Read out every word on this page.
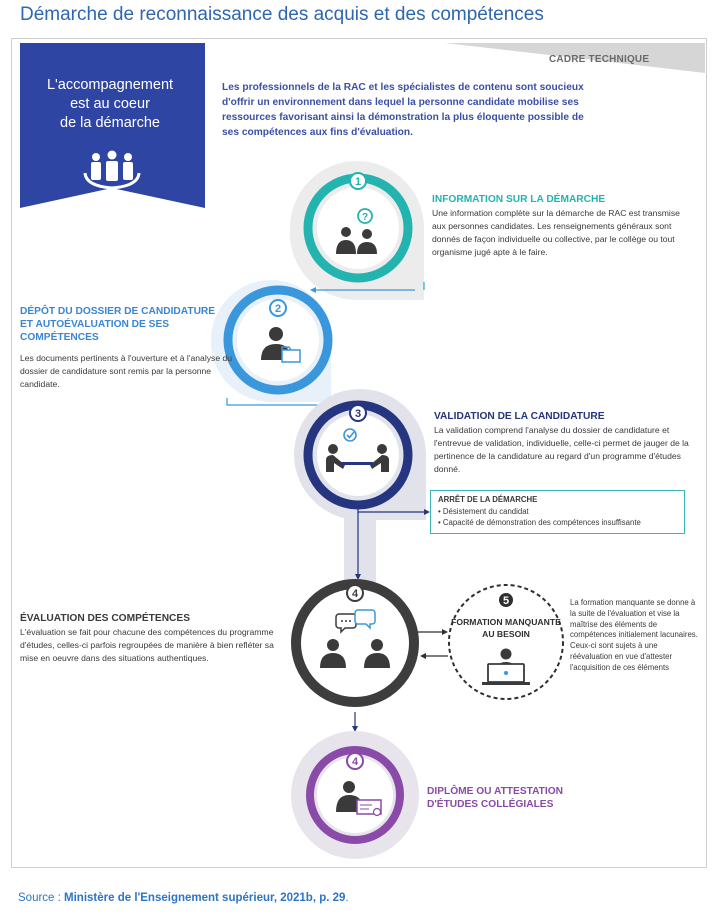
Démarche de reconnaissance des acquis et des compétences
1
?
2
3
4
5
4
CADRE TECHNIQUE
L'accompagnement
est au coeur
de la démarche
Les professionnels de la RAC et les spécialistes de contenu sont soucieux d'offrir un environnement dans lequel la personne candidate mobilise ses ressources favorisant ainsi la démonstration la plus éloquente possible de ses compétences aux fins d'évaluation.
INFORMATION SUR LA DÉMARCHE
Une information complète sur la démarche de RAC est transmise aux personnes candidates. Les renseignements généraux sont donnés de façon individuelle ou collective, par le collège ou tout organisme jugé apte à le faire.
DÉPÔT DU DOSSIER DE CANDIDATURE ET AUTOÉVALUATION DE SES COMPÉTENCES
Les documents pertinents à l'ouverture et à l'analyse du dossier de candidature sont remis par la personne candidate.
VALIDATION DE LA CANDIDATURE
La validation comprend l'analyse du dossier de candidature et l'entrevue de validation, individuelle, celle-ci permet de jauger de la pertinence de la candidature au regard d'un programme d'études donné.
ARRÊT DE LA DÉMARCHE
• Désistement du candidat
• Capacité de démonstration des compétences insuffisante
ÉVALUATION DES COMPÉTENCES
L'évaluation se fait pour chacune des compétences du programme d'études, celles-ci parfois regroupées de manière à bien refléter sa mise en oeuvre dans des situations authentiques.
FORMATION MANQUANTE AU BESOIN
La formation manquante se donne à la suite de l'évaluation et vise la maîtrise des éléments de compétences initialement lacunaires. Ceux-ci sont sujets à une réévaluation en vue d'attester l'acquisition de ces éléments
DIPLÔME OU ATTESTATION D'ÉTUDES COLLÉGIALES
Source : Ministère de l'Enseignement supérieur, 2021b, p. 29.
